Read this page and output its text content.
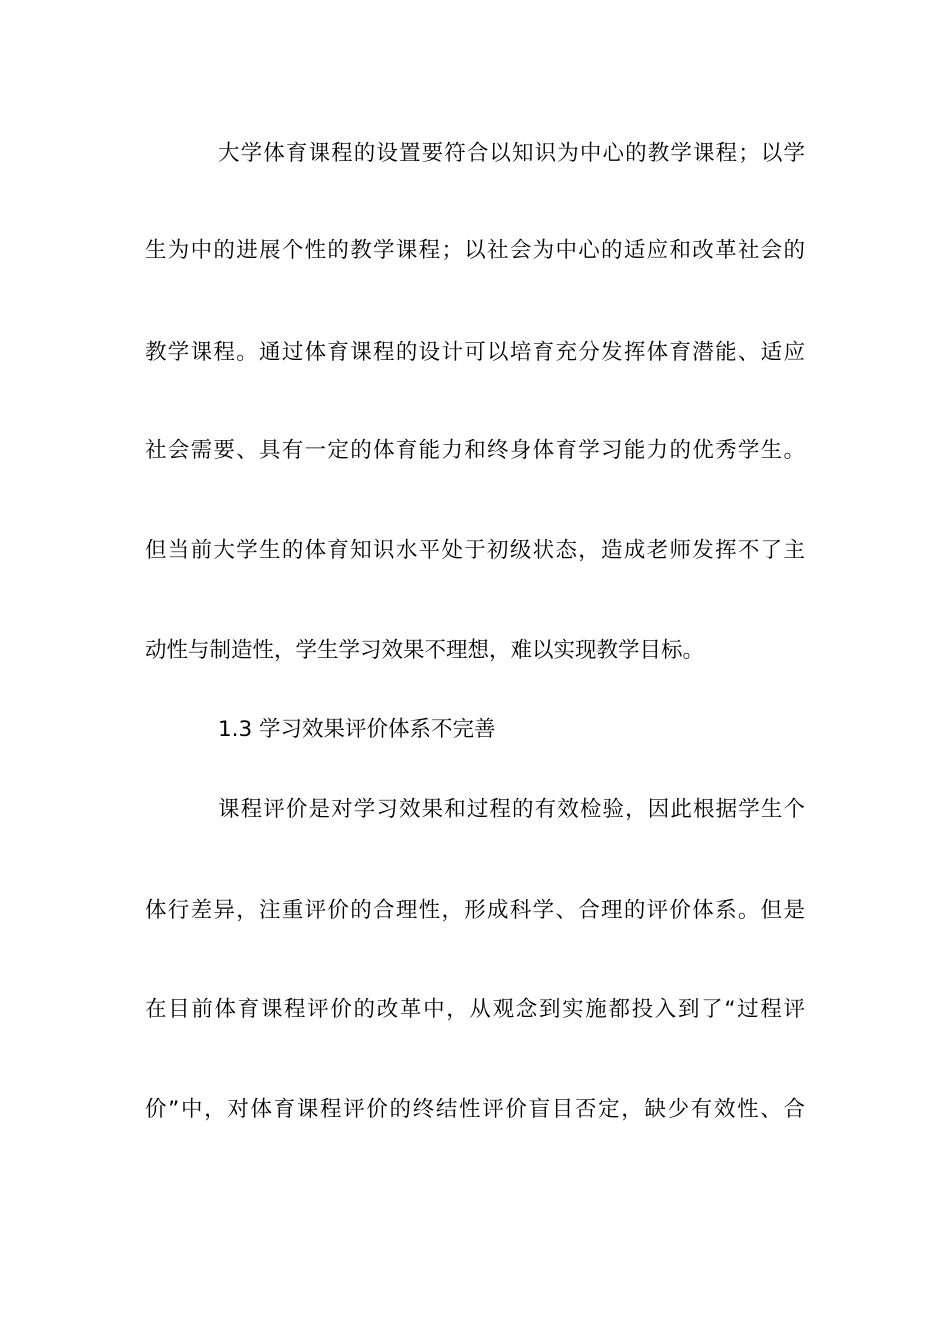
大学体育课程的设置要符合以知识为中心的教学课程；以学
生为中的进展个性的教学课程；以社会为中心的适应和改革社会的
教学课程。通过体育课程的设计可以培育充分发挥体育潜能、适应
社会需要、具有一定的体育能力和终身体育学习能力的优秀学生。
但当前大学生的体育知识水平处于初级状态，造成老师发挥不了主
动性与制造性，学生学习效果不理想，难以实现教学目标。
1.3 学习效果评价体系不完善
课程评价是对学习效果和过程的有效检验，因此根据学生个
体行差异，注重评价的合理性，形成科学、合理的评价体系。但是
在目前体育课程评价的改革中，从观念到实施都投入到了“过程评
价”中，对体育课程评价的终结性评价盲目否定，缺少有效性、合
